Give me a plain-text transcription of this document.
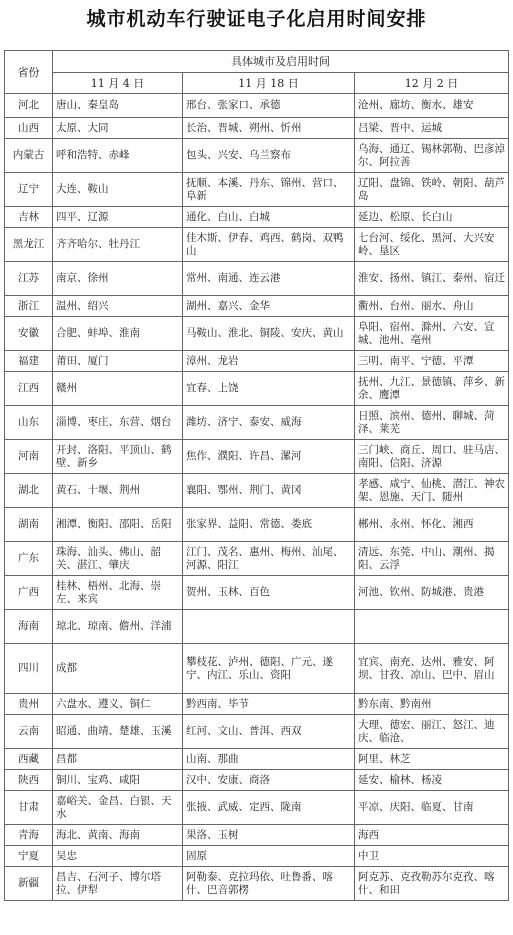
城市机动车行驶证电子化启用时间安排
省份	具体城市及启用时间		
	11 月 4 日	11 月 18 日	12 月 2 日
河北	唐山、秦皇岛	邢台、张家口、承德	沧州、廊坊、衡水、雄安
山西	太原、大同	长治、晋城、朔州、忻州	吕梁、晋中、运城
内蒙古	呼和浩特、赤峰	包头、兴安、乌兰察布	乌海、通辽、锡林郭勒、巴彦淖尔、阿拉善
辽宁	大连、鞍山	抚顺、本溪、丹东、锦州、营口、阜新	辽阳、盘锦、铁岭、朝阳、葫芦岛
吉林	四平、辽源	通化、白山、白城	延边、松原、长白山
黑龙江	齐齐哈尔、牡丹江	佳木斯、伊春、鸡西、鹤岗、双鸭山	七台河、绥化、黑河、大兴安岭、垦区
江苏	南京、徐州	常州、南通、连云港	淮安、扬州、镇江、泰州、宿迁
浙江	温州、绍兴	湖州、嘉兴、金华	衢州、台州、丽水、舟山
安徽	合肥、蚌埠、淮南	马鞍山、淮北、铜陵、安庆、黄山	阜阳、宿州、滁州、六安、宣城、池州、亳州
福建	莆田、厦门	漳州、龙岩	三明、南平、宁德、平潭
江西	赣州	宜春、上饶	抚州、九江、景德镇、萍乡、新余、鹰潭
山东	淄博、枣庄、东营、烟台	潍坊、济宁、泰安、威海	日照、滨州、德州、聊城、菏泽、莱芜
河南	开封、洛阳、平顶山、鹤壁、新乡	焦作、濮阳、许昌、漯河	三门峡、商丘、周口、驻马店、南阳、信阳、济源
湖北	黄石、十堰、荆州	襄阳、鄂州、荆门、黄冈	孝感、咸宁、仙桃、潜江、神农架、恩施、天门、随州
湖南	湘潭、衡阳、邵阳、岳阳	张家界、益阳、常德、娄底	郴州、永州、怀化、湘西
广东	珠海、汕头、佛山、韶关、湛江、肇庆	江门、茂名、惠州、梅州、汕尾、河源、阳江	清远、东莞、中山、潮州、揭阳、云浮
广西	桂林、梧州、北海、崇左、来宾	贺州、玉林、百色	河池、钦州、防城港、贵港
海南	琼北、琼南、儋州、洋浦		
四川	成都	攀枝花、泸州、德阳、广元、遂宁、内江、乐山、资阳	宜宾、南充、达州、雅安、阿坝、甘孜、凉山、巴中、眉山
贵州	六盘水、遵义、铜仁	黔西南、毕节	黔东南、黔南州
云南	昭通、曲靖、楚雄、玉溪	红河、文山、普洱、西双	大理、德宏、丽江、怒江、迪庆、临沧、
西藏	昌都	山南、那曲	阿里、林芝
陕西	铜川、宝鸡、咸阳	汉中、安康、商洛	延安、榆林、杨凌
甘肃	嘉峪关、金昌、白银、天水	张掖、武威、定西、陇南	平凉、庆阳、临夏、甘南
青海	海北、黄南、海南	果洛、玉树	海西
宁夏	吴忠	固原	中卫
新疆	昌吉、石河子、博尔塔拉、伊犁	阿勒泰、克拉玛依、吐鲁番、喀什、巴音郭楞	阿克苏、克孜勒苏尔克孜、喀什、和田
